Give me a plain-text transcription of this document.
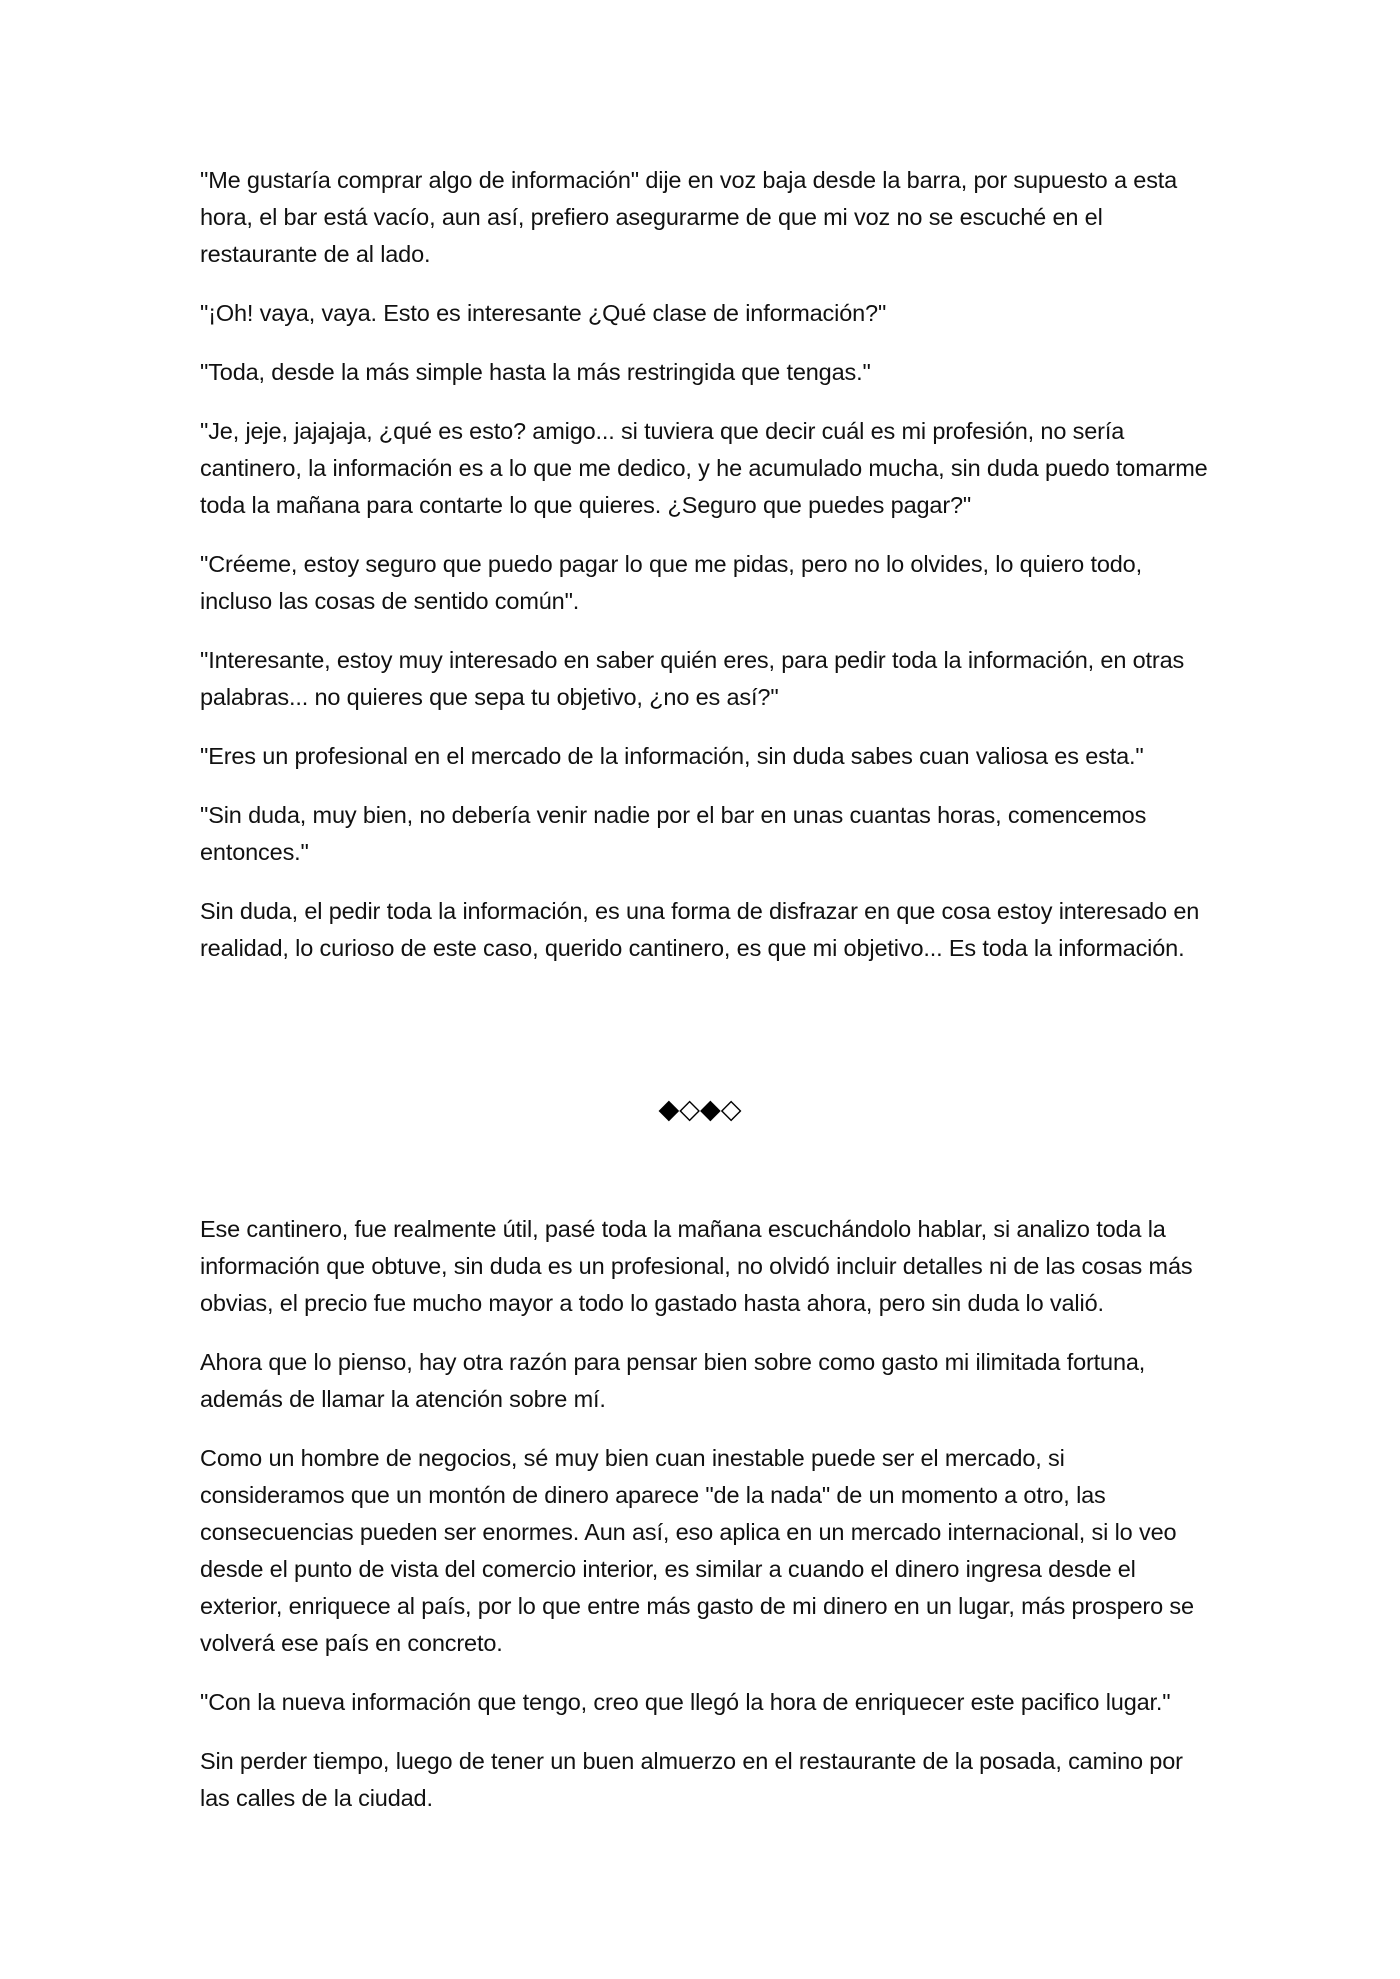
"Me gustaría comprar algo de información" dije en voz baja desde la barra, por supuesto a esta hora, el bar está vacío, aun así, prefiero asegurarme de que mi voz no se escuché en el restaurante de al lado.

"¡Oh! vaya, vaya. Esto es interesante ¿Qué clase de información?"

"Toda, desde la más simple hasta la más restringida que tengas."

"Je, jeje, jajajaja, ¿qué es esto? amigo... si tuviera que decir cuál es mi profesión, no sería cantinero, la información es a lo que me dedico, y he acumulado mucha, sin duda puedo tomarme toda la mañana para contarte lo que quieres. ¿Seguro que puedes pagar?"

"Créeme, estoy seguro que puedo pagar lo que me pidas, pero no lo olvides, lo quiero todo, incluso las cosas de sentido común".

"Interesante, estoy muy interesado en saber quién eres, para pedir toda la información, en otras palabras... no quieres que sepa tu objetivo, ¿no es así?"

"Eres un profesional en el mercado de la información, sin duda sabes cuan valiosa es esta."

"Sin duda, muy bien, no debería venir nadie por el bar en unas cuantas horas, comencemos entonces."

Sin duda, el pedir toda la información, es una forma de disfrazar en que cosa estoy interesado en realidad, lo curioso de este caso, querido cantinero, es que mi objetivo... Es toda la información.

◆◇◆◇

Ese cantinero, fue realmente útil, pasé toda la mañana escuchándolo hablar, si analizo toda la información que obtuve, sin duda es un profesional, no olvidó incluir detalles ni de las cosas más obvias, el precio fue mucho mayor a todo lo gastado hasta ahora, pero sin duda lo valió.

Ahora que lo pienso, hay otra razón para pensar bien sobre como gasto mi ilimitada fortuna, además de llamar la atención sobre mí.

Como un hombre de negocios, sé muy bien cuan inestable puede ser el mercado, si consideramos que un montón de dinero aparece "de la nada" de un momento a otro, las consecuencias pueden ser enormes. Aun así, eso aplica en un mercado internacional, si lo veo desde el punto de vista del comercio interior, es similar a cuando el dinero ingresa desde el exterior, enriquece al país, por lo que entre más gasto de mi dinero en un lugar, más prospero se volverá ese país en concreto.

"Con la nueva información que tengo, creo que llegó la hora de enriquecer este pacifico lugar."

Sin perder tiempo, luego de tener un buen almuerzo en el restaurante de la posada, camino por las calles de la ciudad.
